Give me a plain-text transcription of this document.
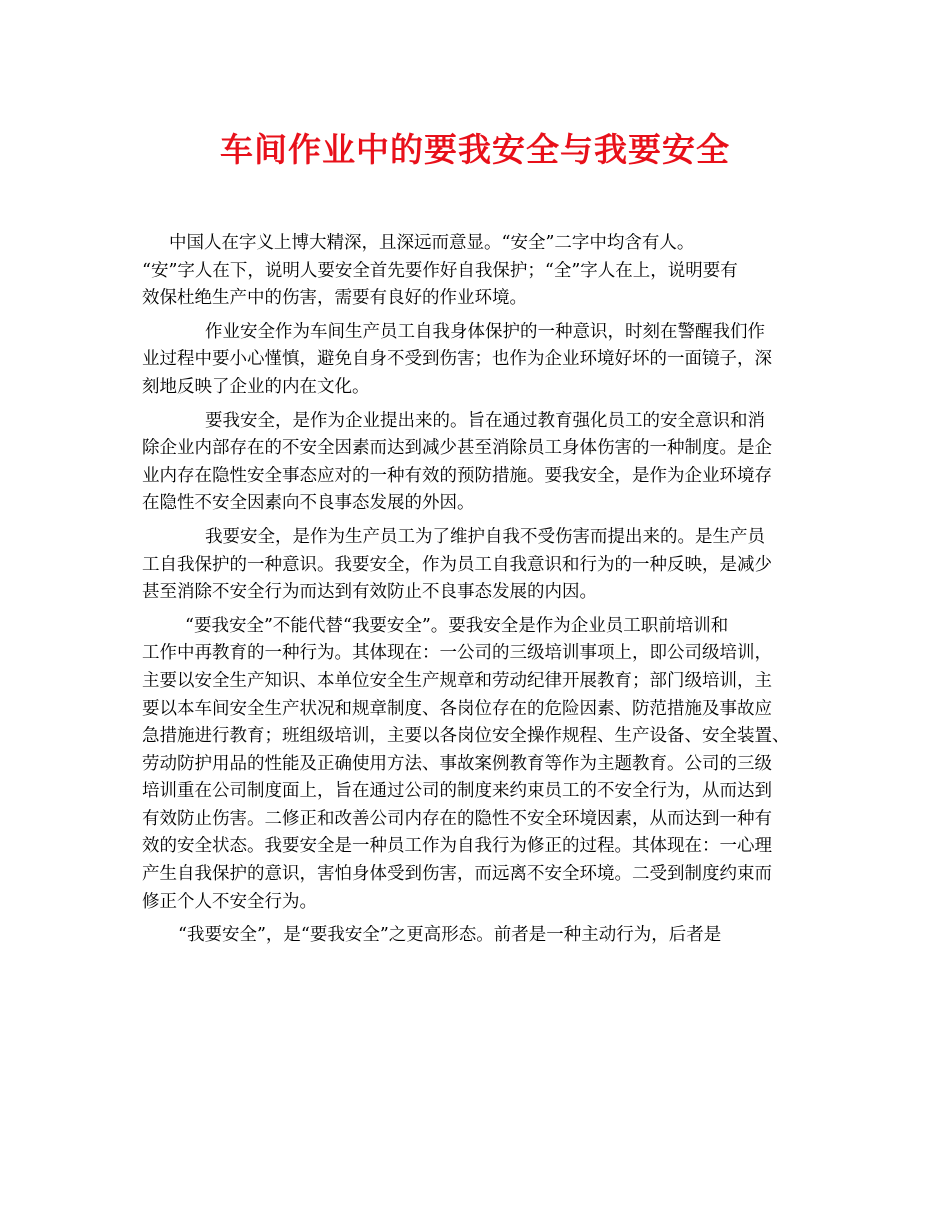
车间作业中的要我安全与我要安全

中国人在字义上博大精深，且深远而意显。“安全”二字中均含有人。
“安”字人在下，说明人要安全首先要作好自我保护；“全”字人在上，说明要有
效保杜绝生产中的伤害，需要有良好的作业环境。

作业安全作为车间生产员工自我身体保护的一种意识，时刻在警醒我们作
业过程中要小心慬慎，避免自身不受到伤害；也作为企业环境好坏的一面镜子，深
刻地反映了企业的内在文化。

要我安全，是作为企业提出来的。旨在通过教育强化员工的安全意识和消
除企业内部存在的不安全因素而达到减少甚至消除员工身体伤害的一种制度。是企
业内存在隐性安全事态应对的一种有效的预防措施。要我安全，是作为企业环境存
在隐性不安全因素向不良事态发展的外因。

我要安全，是作为生产员工为了维护自我不受伤害而提出来的。是生产员
工自我保护的一种意识。我要安全，作为员工自我意识和行为的一种反映，是减少
甚至消除不安全行为而达到有效防止不良事态发展的内因。

“要我安全”不能代替“我要安全”。要我安全是作为企业员工职前培训和
工作中再教育的一种行为。其体现在：一公司的三级培训事项上，即公司级培训，
主要以安全生产知识、本单位安全生产规章和劳动纪律开展教育；部门级培训，主
要以本车间安全生产状况和规章制度、各岗位存在的危险因素、防范措施及事故应
急措施进行教育；班组级培训，主要以各岗位安全操作规程、生产设备、安全装置、
劳动防护用品的性能及正确使用方法、事故案例教育等作为主题教育。公司的三级
培训重在公司制度面上，旨在通过公司的制度来约束员工的不安全行为，从而达到
有效防止伤害。二修正和改善公司内存在的隐性不安全环境因素，从而达到一种有
效的安全状态。我要安全是一种员工作为自我行为修正的过程。其体现在：一心理
产生自我保护的意识，害怕身体受到伤害，而远离不安全环境。二受到制度约束而
修正个人不安全行为。

“我要安全”，是“要我安全”之更高形态。前者是一种主动行为，后者是
